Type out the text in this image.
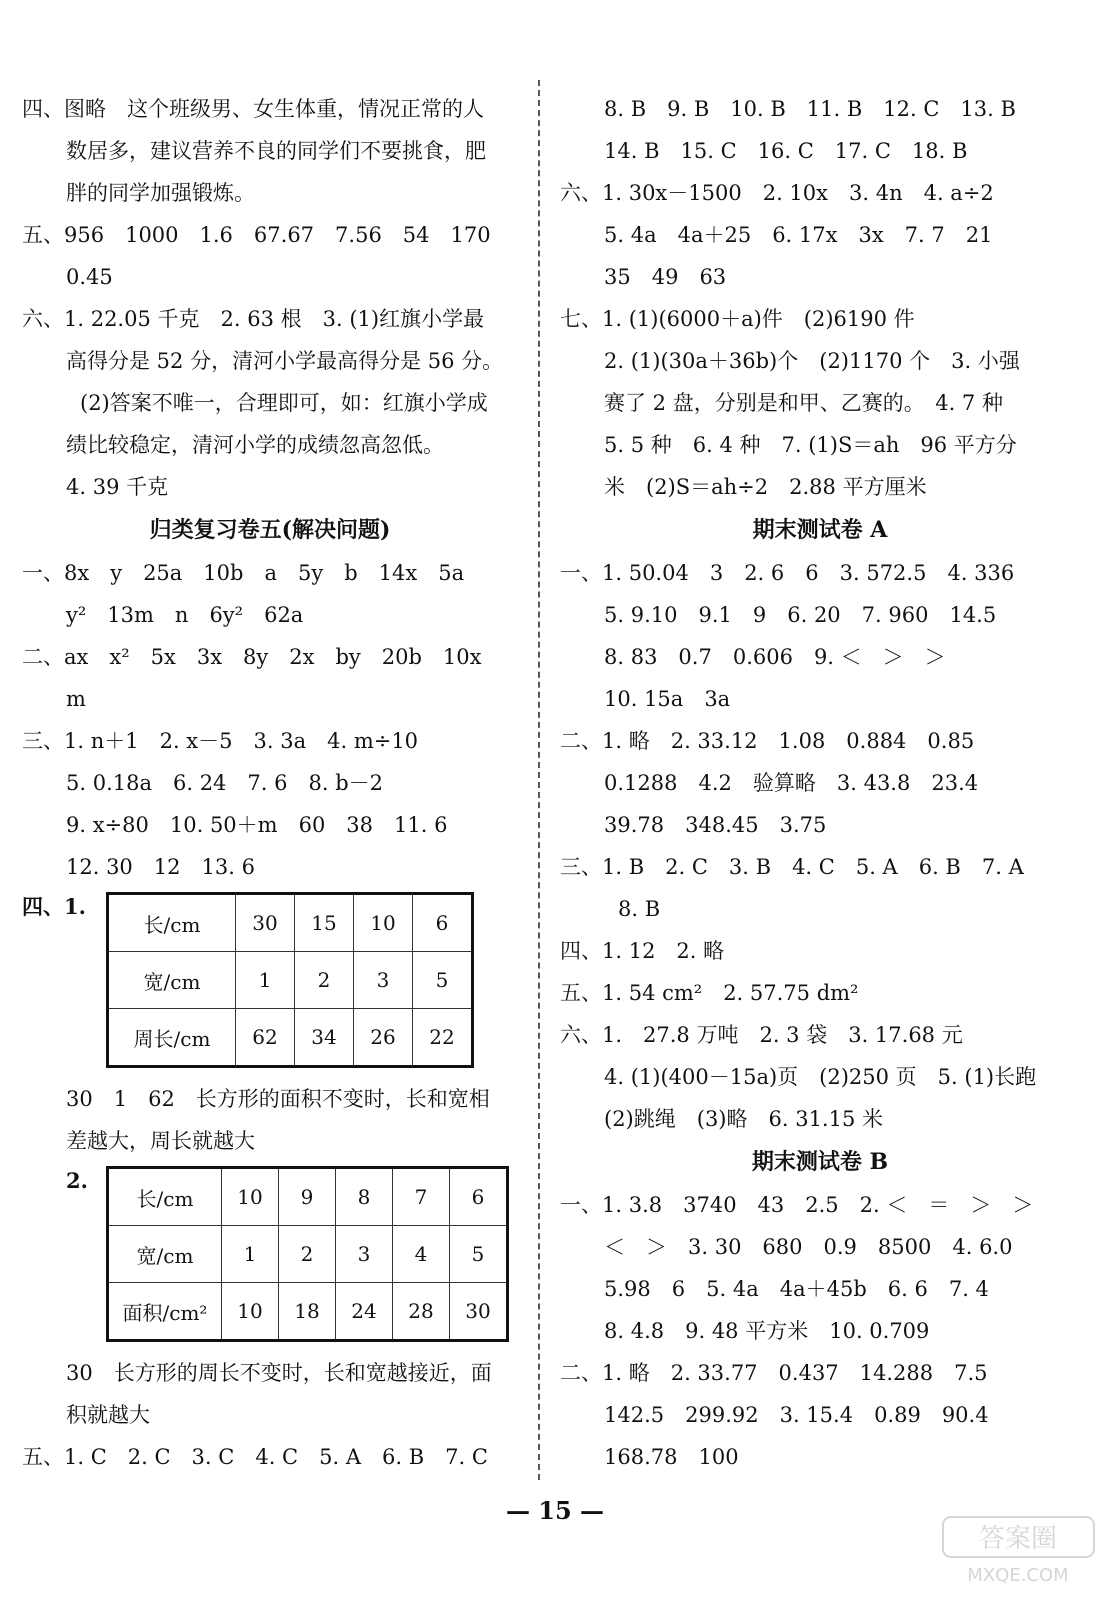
四、图略　这个班级男、女生体重，情况正常的人
数居多，建议营养不良的同学们不要挑食，肥
胖的同学加强锻炼。
五、956　1000　1.6　67.67　7.56　54　170
0.45
六、1. 22.05 千克　2. 63 根　3. (1)红旗小学最
高得分是 52 分，清河小学最高得分是 56 分。
(2)答案不唯一，合理即可，如：红旗小学成
绩比较稳定，清河小学的成绩忽高忽低。
4. 39 千克
归类复习卷五(解决问题)
一、8x　y　25a　10b　a　5y　b　14x　5a
y²　13m　n　6y²　62a
二、ax　x²　5x　3x　8y　2x　by　20b　10x
m
三、1. n＋1　2. x－5　3. 3a　4. m÷10
5. 0.18a　6. 24　7. 6　8. b－2
9. x÷80　10. 50＋m　60　38　11. 6
12. 30　12　13. 6
四、1.
长/cm	30	15	10	6
宽/cm	1	2	3	5
周长/cm	62	34	26	22
30　1　62　长方形的面积不变时，长和宽相
差越大，周长就越大
2.
长/cm	10	9	8	7	6
宽/cm	1	2	3	4	5
面积/cm²	10	18	24	28	30
30　长方形的周长不变时，长和宽越接近，面
积就越大
五、1. C　2. C　3. C　4. C　5. A　6. B　7. C
8. B　9. B　10. B　11. B　12. C　13. B
14. B　15. C　16. C　17. C　18. B
六、1. 30x－1500　2. 10x　3. 4n　4. a÷2
5. 4a　4a＋25　6. 17x　3x　7. 7　21
35　49　63
七、1. (1)(6000＋a)件　(2)6190 件
2. (1)(30a＋36b)个　(2)1170 个　3. 小强
赛了 2 盘，分别是和甲、乙赛的。　4. 7 种
5. 5 种　6. 4 种　7. (1)S＝ah　96 平方分
米　(2)S＝ah÷2　2.88 平方厘米
期末测试卷 A
一、1. 50.04　3　2. 6　6　3. 572.5　4. 336
5. 9.10　9.1　9　6. 20　7. 960　14.5
8. 83　0.7　0.606　9. ＜　＞　＞
10. 15a　3a
二、1. 略　2. 33.12　1.08　0.884　0.85
0.1288　4.2　验算略　3. 43.8　23.4
39.78　348.45　3.75
三、1. B　2. C　3. B　4. C　5. A　6. B　7. A
8. B
四、1. 12　2. 略
五、1. 54 cm²　2. 57.75 dm²
六、1.　27.8 万吨　2. 3 袋　3. 17.68 元
4. (1)(400－15a)页　(2)250 页　5. (1)长跑
(2)跳绳　(3)略　6. 31.15 米
期末测试卷 B
一、1. 3.8　3740　43　2.5　2. ＜　＝　＞　＞
＜　＞　3. 30　680　0.9　8500　4. 6.0
5.98　6　5. 4a　4a＋45b　6. 6　7. 4
8. 4.8　9. 48 平方米　10. 0.709
二、1. 略　2. 33.77　0.437　14.288　7.5
142.5　299.92　3. 15.4　0.89　90.4
168.78　100
— 15 —
答案圈
MXQE.COM
